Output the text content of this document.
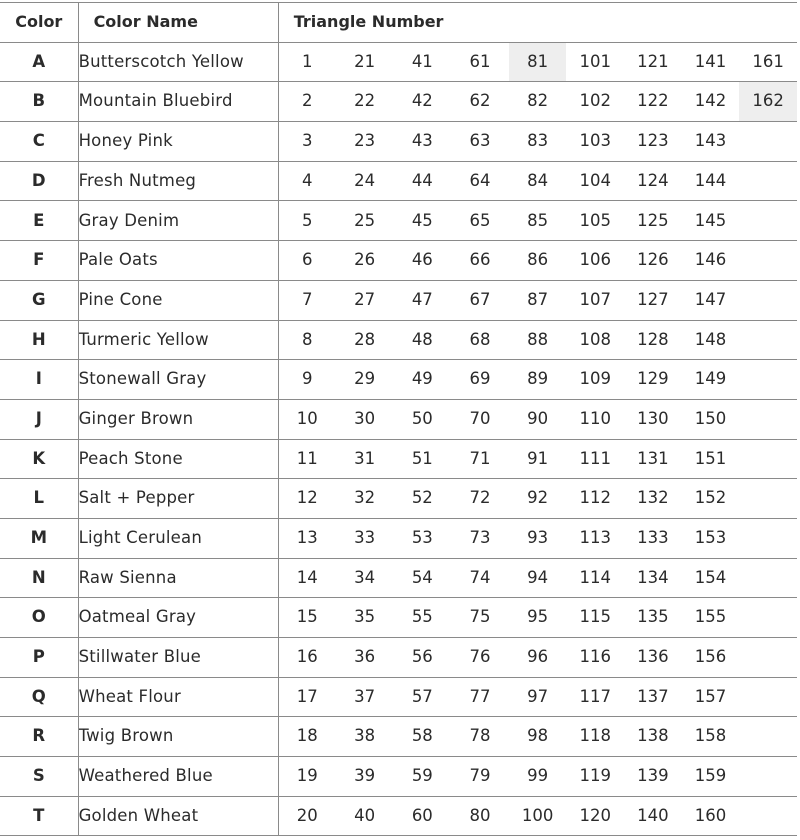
Color	Color Name	Triangle Number								
A	Butterscotch Yellow	1	21	41	61	81	101	121	141	161
B	Mountain Bluebird	2	22	42	62	82	102	122	142	162
C	Honey Pink	3	23	43	63	83	103	123	143	
D	Fresh Nutmeg	4	24	44	64	84	104	124	144	
E	Gray Denim	5	25	45	65	85	105	125	145	
F	Pale Oats	6	26	46	66	86	106	126	146	
G	Pine Cone	7	27	47	67	87	107	127	147	
H	Turmeric Yellow	8	28	48	68	88	108	128	148	
I	Stonewall Gray	9	29	49	69	89	109	129	149	
J	Ginger Brown	10	30	50	70	90	110	130	150	
K	Peach Stone	11	31	51	71	91	111	131	151	
L	Salt + Pepper	12	32	52	72	92	112	132	152	
M	Light Cerulean	13	33	53	73	93	113	133	153	
N	Raw Sienna	14	34	54	74	94	114	134	154	
O	Oatmeal Gray	15	35	55	75	95	115	135	155	
P	Stillwater Blue	16	36	56	76	96	116	136	156	
Q	Wheat Flour	17	37	57	77	97	117	137	157	
R	Twig Brown	18	38	58	78	98	118	138	158	
S	Weathered Blue	19	39	59	79	99	119	139	159	
T	Golden Wheat	20	40	60	80	100	120	140	160	
